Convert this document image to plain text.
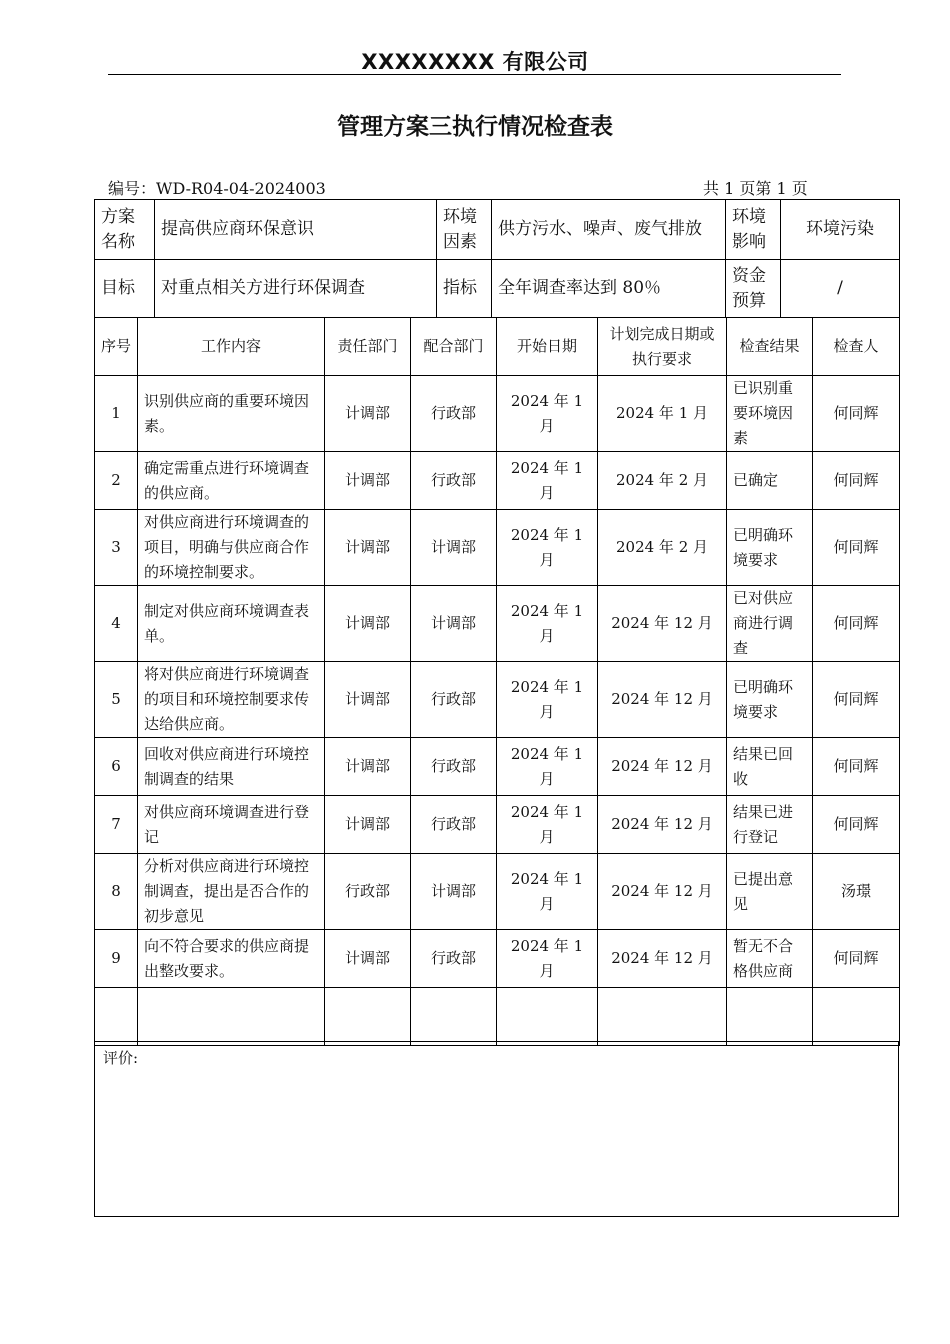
XXXXXXXX 有限公司
管理方案三执行情况检查表
编号：WD-R04-04-2024003	共 1 页第 1 页
方案名称	提高供应商环保意识	环境因素	供方污水、噪声、废气排放	环境影响	环境污染
目标	对重点相关方进行环保调查	指标	全年调查率达到 80％	资金预算	/
序号	工作内容	责任部门	配合部门	开始日期	计划完成日期或执行要求	检查结果	检查人
1	识别供应商的重要环境因素。	计调部	行政部	2024 年 1 月	2024 年 1 月	已识别重要环境因素	何同辉
2	确定需重点进行环境调查的供应商。	计调部	行政部	2024 年 1 月	2024 年 2 月	已确定	何同辉
3	对供应商进行环境调查的项目，明确与供应商合作的环境控制要求。	计调部	计调部	2024 年 1 月	2024 年 2 月	已明确环境要求	何同辉
4	制定对供应商环境调查表单。	计调部	计调部	2024 年 1 月	2024 年 12 月	已对供应商进行调查	何同辉
5	将对供应商进行环境调查的项目和环境控制要求传达给供应商。	计调部	行政部	2024 年 1 月	2024 年 12 月	已明确环境要求	何同辉
6	回收对供应商进行环境控制调查的结果	计调部	行政部	2024 年 1 月	2024 年 12 月	结果已回收	何同辉
7	对供应商环境调查进行登记	计调部	行政部	2024 年 1 月	2024 年 12 月	结果已进行登记	何同辉
8	分析对供应商进行环境控制调查，提出是否合作的初步意见	行政部	计调部	2024 年 1 月	2024 年 12 月	已提出意见	汤璟
9	向不符合要求的供应商提出整改要求。	计调部	行政部	2024 年 1 月	2024 年 12 月	暂无不合格供应商	何同辉

评价:
